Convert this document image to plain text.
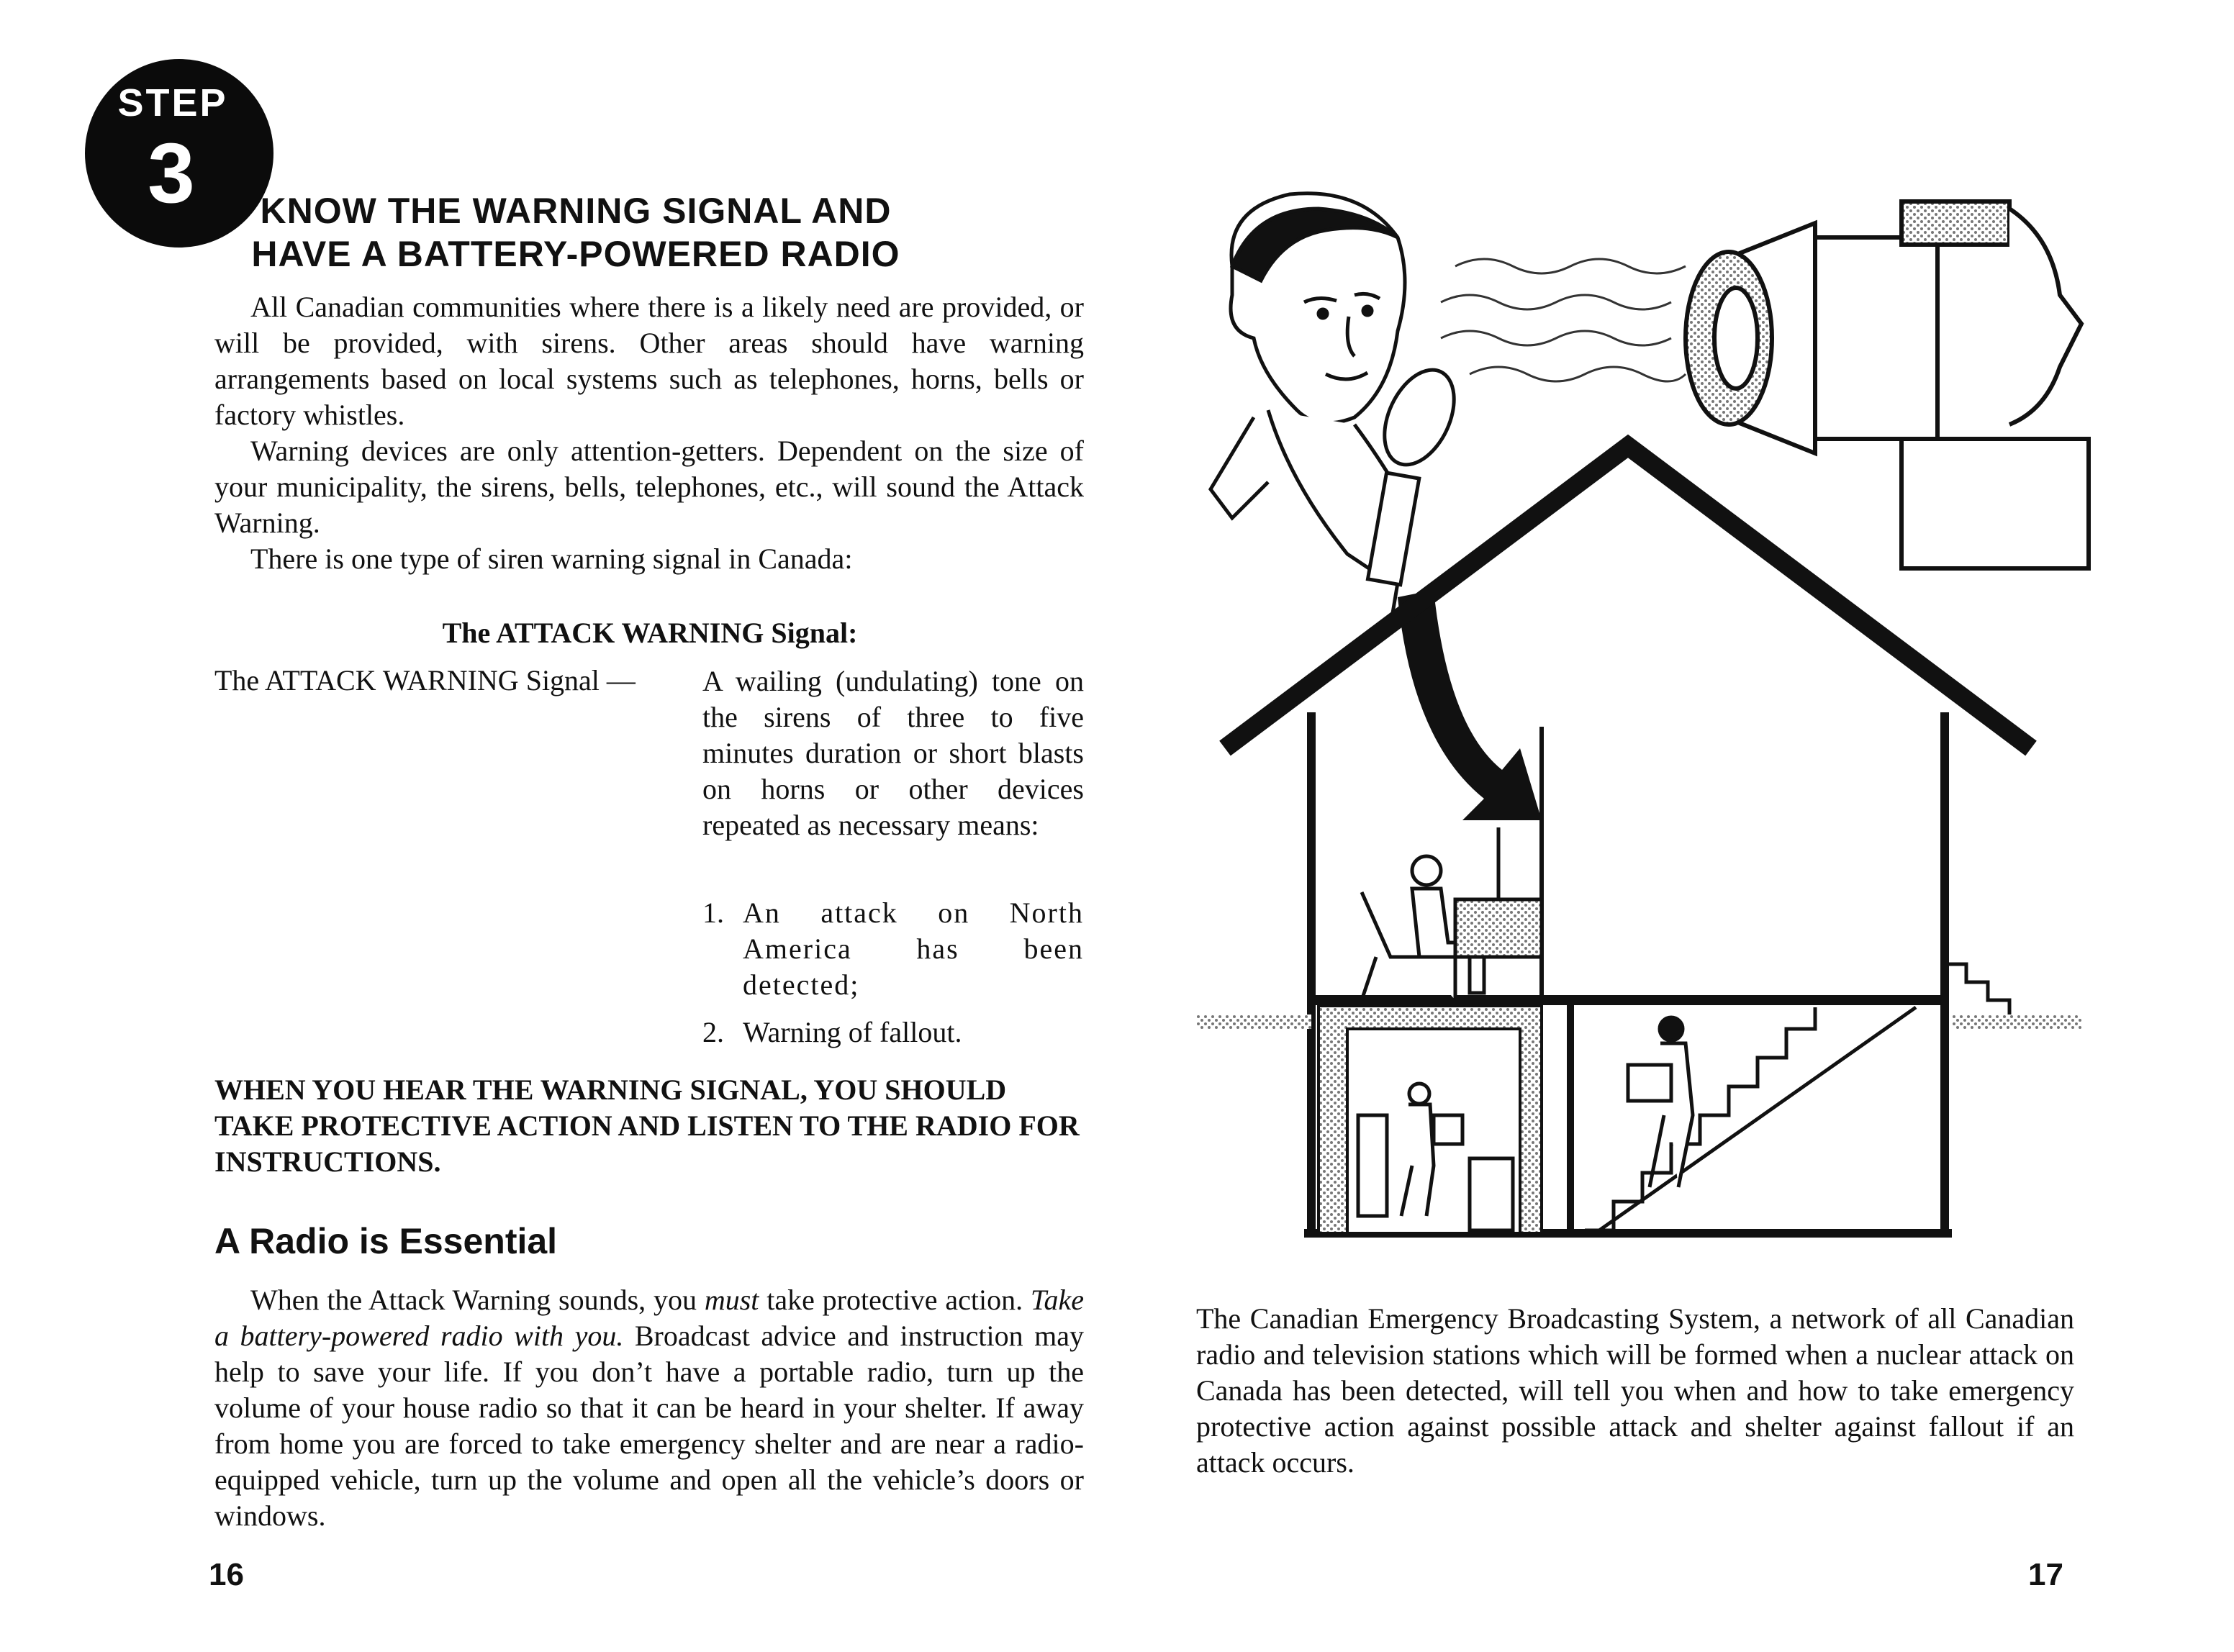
STEP
3	KNOW THE WARNING SIGNAL AND
HAVE A BATTERY-POWERED RADIO

All Canadian communities where there is a likely need are provided, or will be provided, with sirens. Other areas should have warning arrangements based on local systems such as telephones, horns, bells or factory whistles.

Warning devices are only attention-getters. Dependent on the size of your municipality, the sirens, bells, telephones, etc., will sound the Attack Warning.

There is one type of siren warning signal in Canada:

The ATTACK WARNING Signal:
The ATTACK WARNING Signal — A wailing (undulating) tone on the sirens of three to five minutes duration or short blasts on horns or other devices repeated as necessary means:
1. An attack on North America has been detected;
2. Warning of fallout.
WHEN YOU HEAR THE WARNING SIGNAL, YOU SHOULD TAKE PROTECTIVE ACTION AND LISTEN TO THE RADIO FOR INSTRUCTIONS.
A Radio is Essential

When the Attack Warning sounds, you must take protective action. Take a battery-powered radio with you. Broadcast advice and instruction may help to save your life. If you don’t have a portable radio, turn up the volume of your house radio so that it can be heard in your shelter. If away from home you are forced to take emergency shelter and are near a radio-equipped vehicle, turn up the volume and open all the vehicle’s doors or windows.

16
The Canadian Emergency Broadcasting System, a network of all Canadian radio and television stations which will be formed when a nuclear attack on Canada has been detected, will tell you when and how to take emergency protective action against possible attack and shelter against fallout if an attack occurs.
17
